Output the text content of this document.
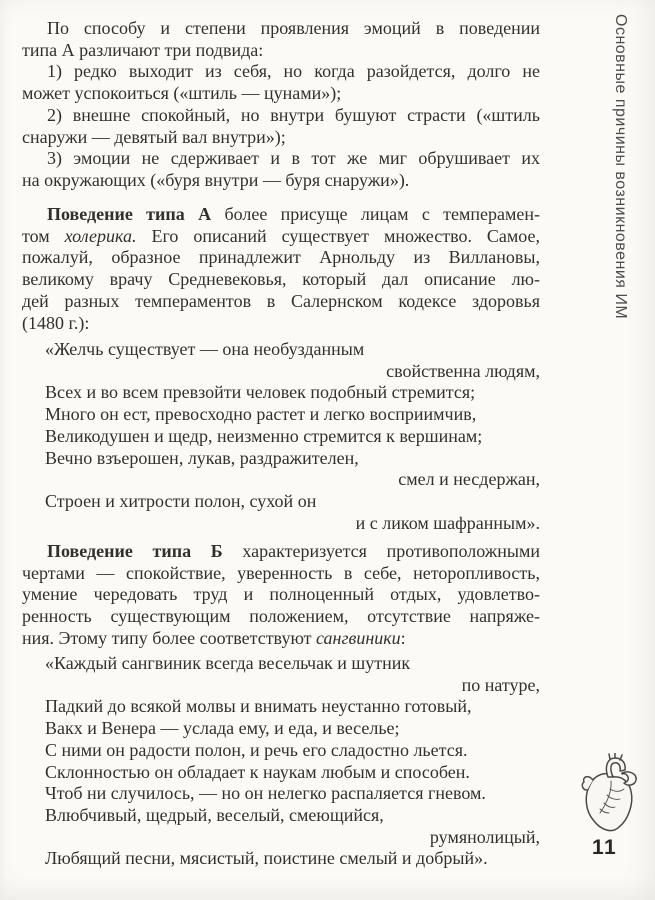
По способу и степени проявления эмоций в поведении

типа А различают три подвида:

1) редко выходит из себя, но когда разойдется, долго не

может успокоиться («штиль — цунами»);

2) внешне спокойный, но внутри бушуют страсти («штиль

снаружи — девятый вал внутри»);

3) эмоции не сдерживает и в тот же миг обрушивает их

на окружающих («буря внутри — буря снаружи»).

Поведение типа А более присуще лицам с темперамен-

том холерика. Его описаний существует множество. Самое,

пожалуй, образное принадлежит Арнольду из Виллановы,

великому врачу Средневековья, который дал описание лю-

дей разных темпераментов в Салернском кодексе здоровья

(1480 г.):

«Желчь существует — она необузданным

свойственна людям,

Всех и во всем превзойти человек подобный стремится;

Много он ест, превосходно растет и легко восприимчив,

Великодушен и щедр, неизменно стремится к вершинам;

Вечно взъерошен, лукав, раздражителен,

смел и несдержан,

Строен и хитрости полон, сухой он

и с ликом шафранным».

Поведение типа Б характеризуется противоположными

чертами — спокойствие, уверенность в себе, неторопливость,

умение чередовать труд и полноценный отдых, удовлетво-

ренность существующим положением, отсутствие напряже-

ния. Этому типу более соответствуют сангвиники:

«Каждый сангвиник всегда весельчак и шутник

по натуре,

Падкий до всякой молвы и внимать неустанно готовый,

Вакх и Венера — услада ему, и еда, и веселье;

С ними он радости полон, и речь его сладостно льется.

Склонностью он обладает к наукам любым и способен.

Чтоб ни случилось, — но он нелегко распаляется гневом.

Влюбчивый, щедрый, веселый, смеющийся,

румянолицый,

Любящий песни, мясистый, поистине смелый и добрый».

Основные причины возникновения ИМ
11
